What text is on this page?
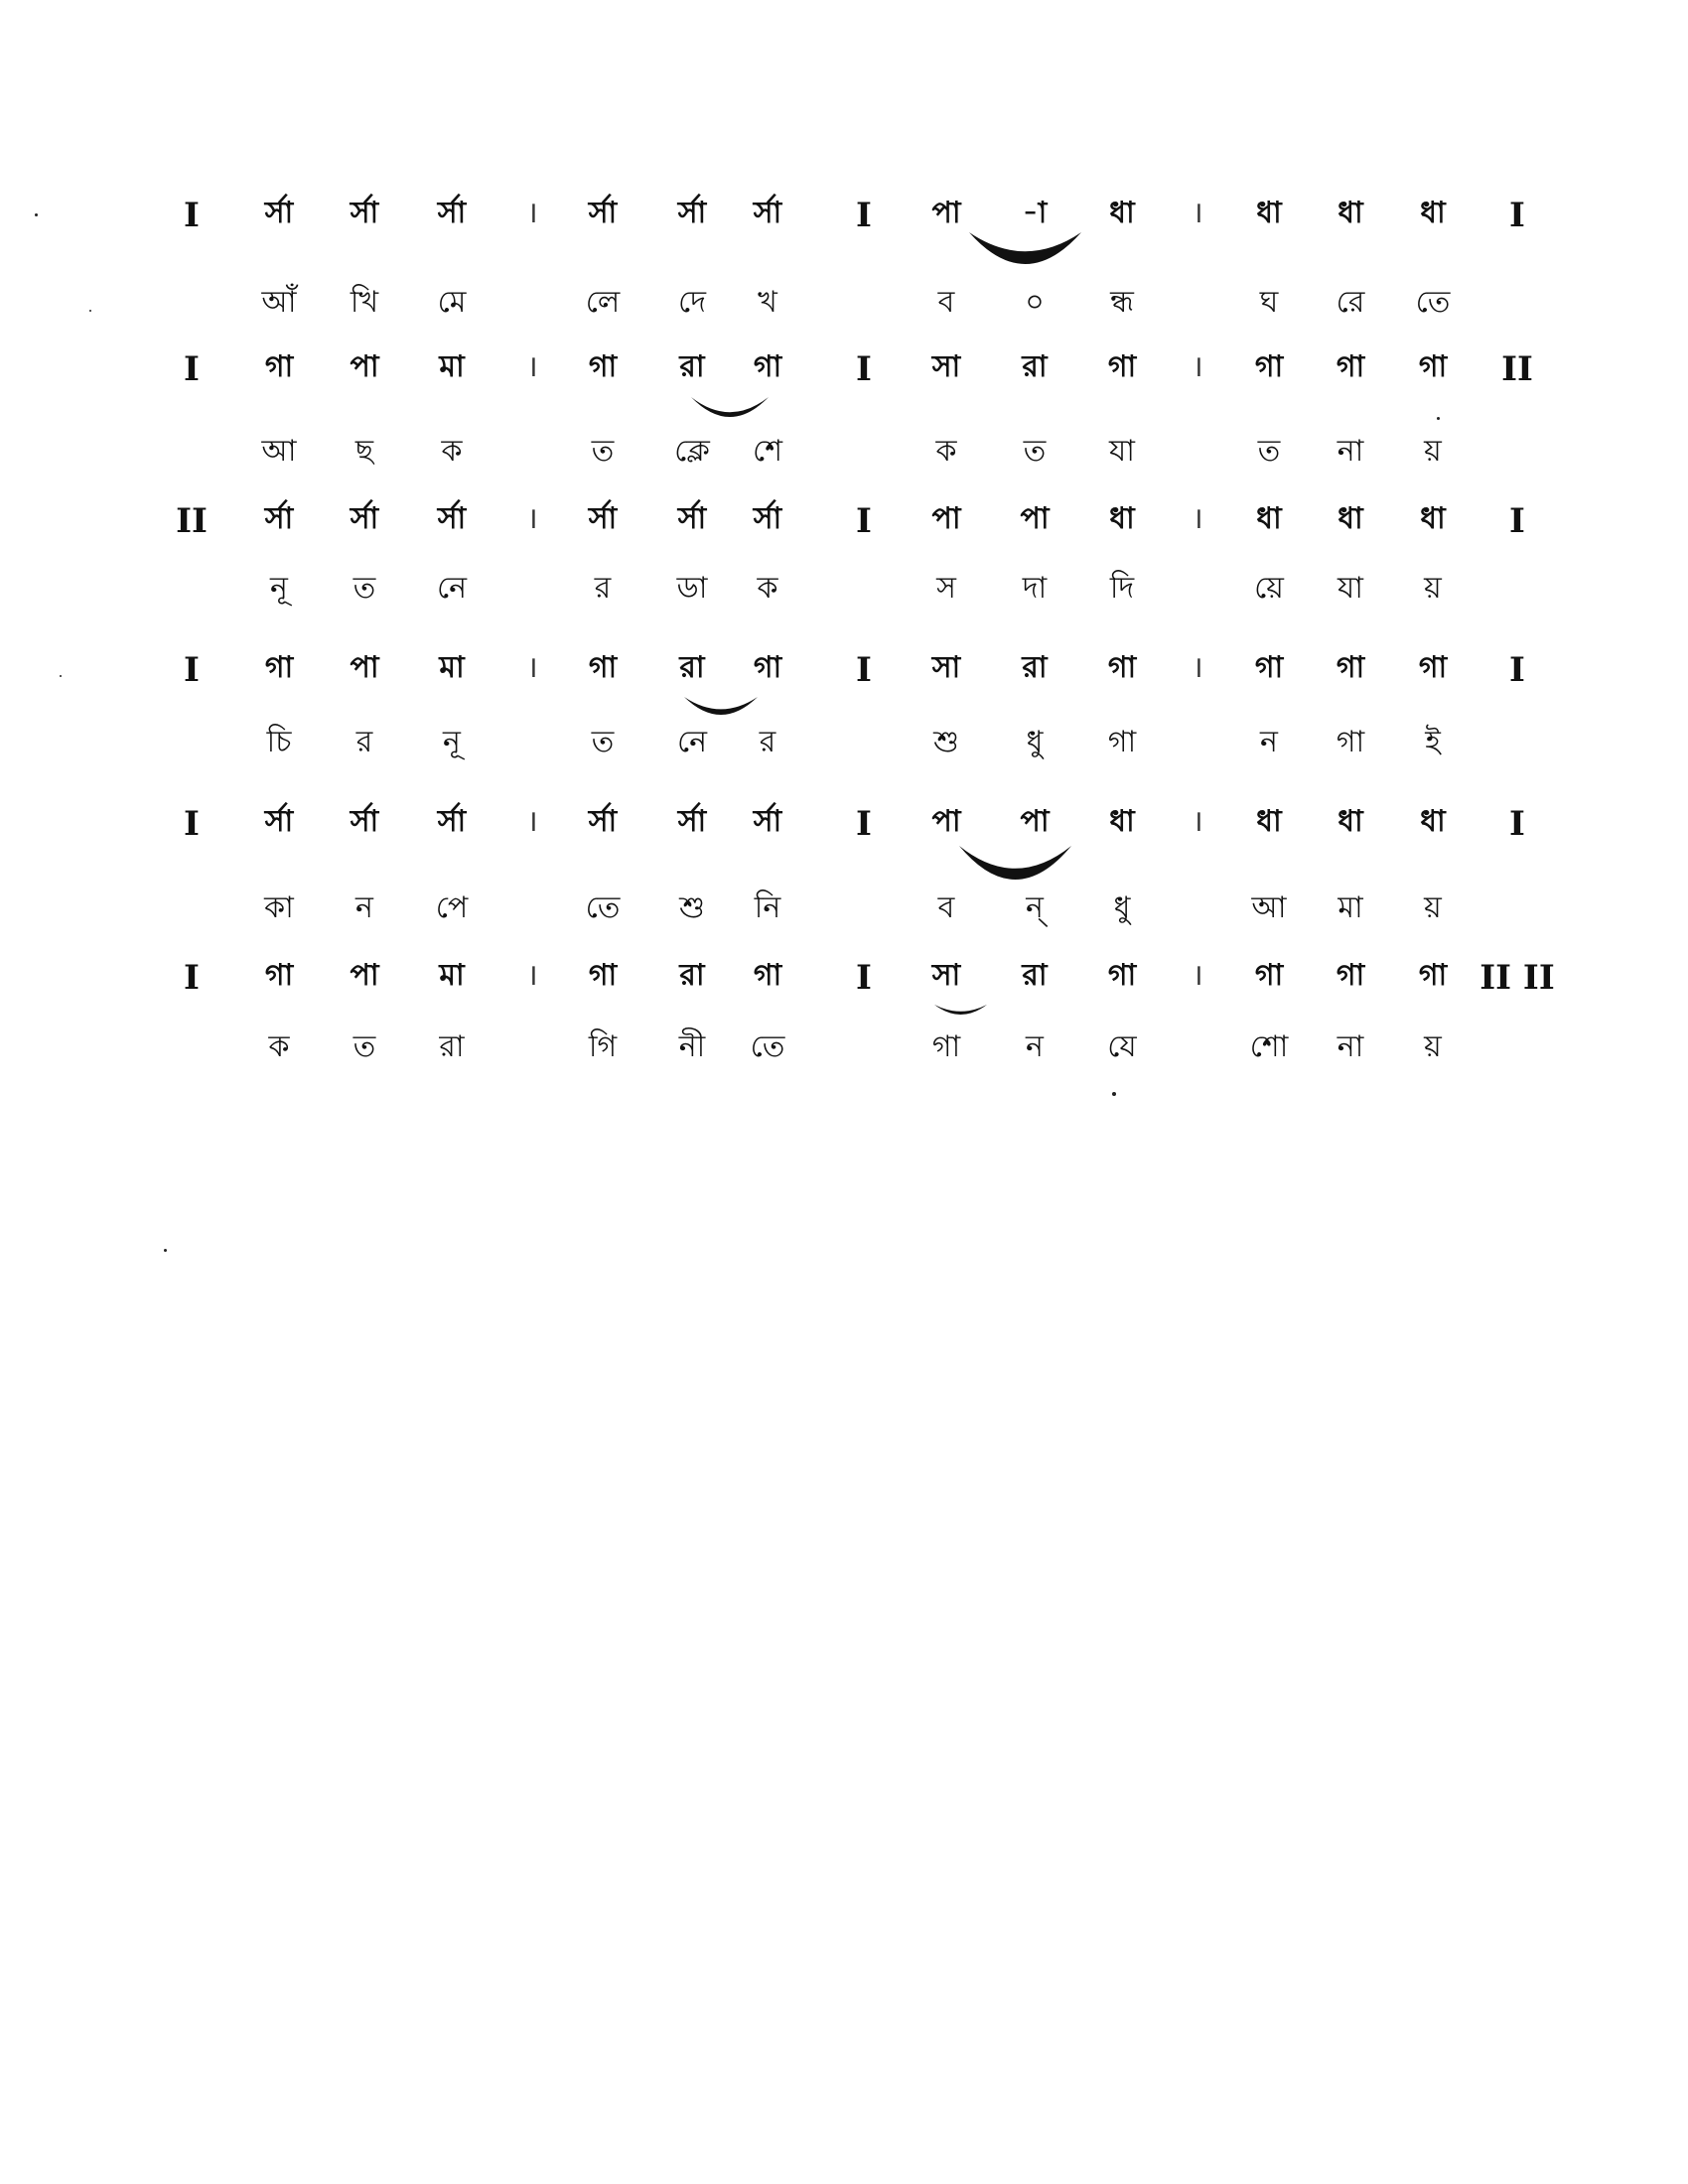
I র্সা র্সা র্সা । র্সা র্সা র্সা I পা -া ধা । ধা ধা ধা I
আঁ খি মে	লে দে খ	ব ০ ন্ধ	ঘ রে তে
I গা পা মা । গা রা গা I সা রা গা । গা গা গা II
আ ছ ক	ত ক্লে শে	ক ত যা	ত না য়
II র্সা র্সা র্সা । র্সা র্সা র্সা I পা পা ধা । ধা ধা ধা I
নূ ত নে	র ডা ক	স দা দি	য়ে যা য়
I গা পা মা । গা রা গা I সা রা গা । গা গা গা I
চি র নূ	ত নে র	শু ধু গা	ন গা ই
I র্সা র্সা র্সা । র্সা র্সা র্সা I পা পা ধা । ধা ধা ধা I
কা ন পে	তে শু নি	ব ন্ ধু	আ মা য়
I গা পা মা । গা রা গা I সা রা গা । গা গা গা II II
ক ত রা	গি নী তে	গা ন যে	শো না য়
